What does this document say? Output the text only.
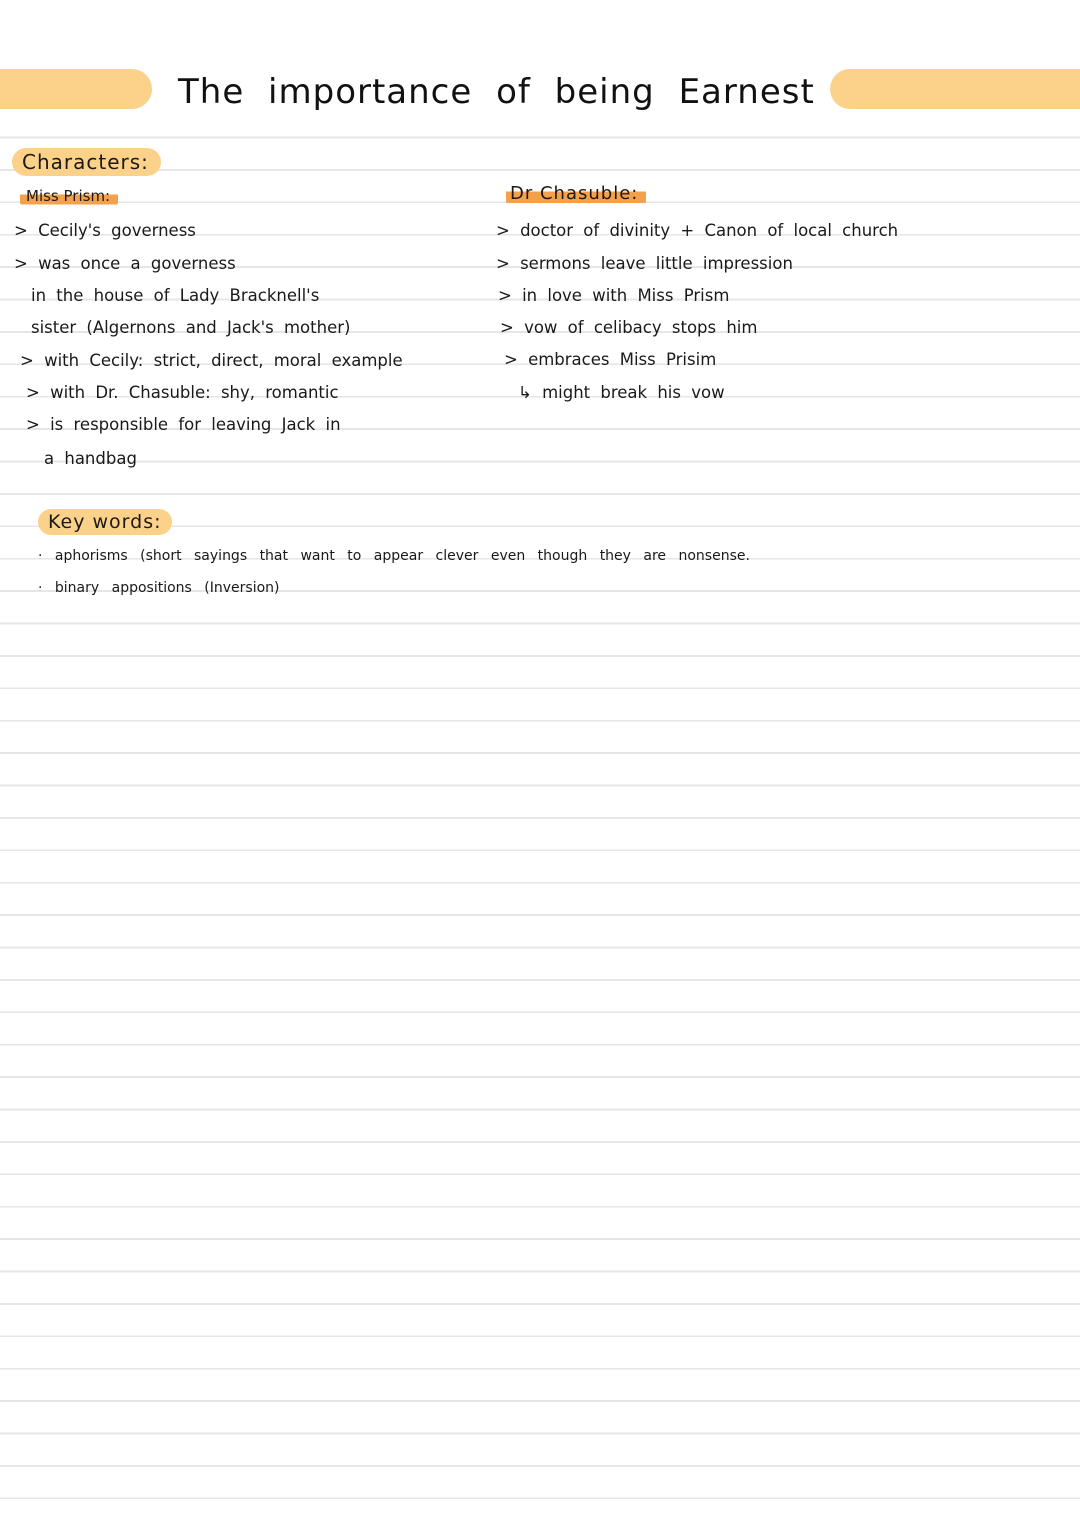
The importance of being Earnest
Characters:
Miss Prism:

> Cecily's governess

> was once a governess

in the house of Lady Bracknell's

sister (Algernons and Jack's mother)

> with Cecily: strict, direct, moral example

> with Dr. Chasuble: shy, romantic

> is responsible for leaving Jack in

a handbag

Dr Chasuble:

> doctor of divinity + Canon of local church

> sermons leave little impression

> in love with Miss Prism

> vow of celibacy stops him

> embraces Miss Prisim

↳ might break his vow

Key words:

· aphorisms (short sayings that want to appear clever even though they are nonsense.

· binary appositions (Inversion)
